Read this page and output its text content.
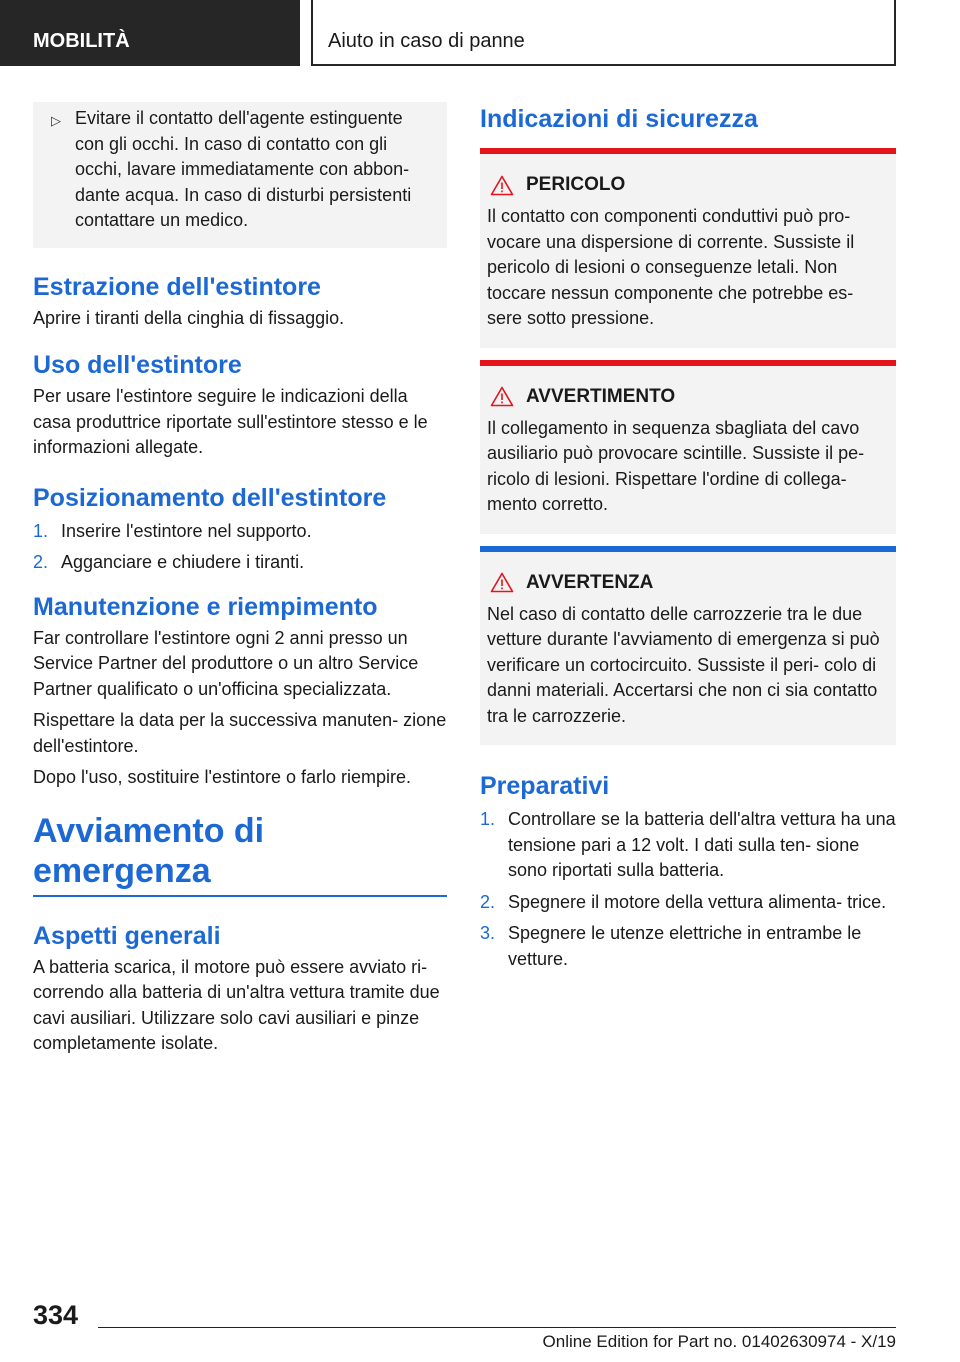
MOBILITÀ	Aiuto in caso di panne
▷ Evitare il contatto dell'agente estinguente con gli occhi. In caso di contatto con gli occhi, lavare immediatamente con abbon- dante acqua. In caso di disturbi persistenti contattare un medico.
Estrazione dell'estintore

Aprire i tiranti della cinghia di fissaggio.

Uso dell'estintore

Per usare l'estintore seguire le indicazioni della casa produttrice riportate sull'estintore stesso e le informazioni allegate.

Posizionamento dell'estintore
1. Inserire l'estintore nel supporto.
2. Agganciare e chiudere i tiranti.
Manutenzione e riempimento

Far controllare l'estintore ogni 2 anni presso un Service Partner del produttore o un altro Service Partner qualificato o un'officina specializzata.

Rispettare la data per la successiva manuten- zione dell'estintore.

Dopo l'uso, sostituire l'estintore o farlo riempire.

Avviamento di emergenza
Aspetti generali

A batteria scarica, il motore può essere avviato ri- correndo alla batteria di un'altra vettura tramite due cavi ausiliari. Utilizzare solo cavi ausiliari e pinze completamente isolate.

Indicazioni di sicurezza
PERICOLO

Il contatto con componenti conduttivi può pro- vocare una dispersione di corrente. Sussiste il pericolo di lesioni o conseguenze letali. Non toccare nessun componente che potrebbe es- sere sotto pressione.

AVVERTIMENTO

Il collegamento in sequenza sbagliata del cavo ausiliario può provocare scintille. Sussiste il pe- ricolo di lesioni. Rispettare l'ordine di collega- mento corretto.

AVVERTENZA

Nel caso di contatto delle carrozzerie tra le due vetture durante l'avviamento di emergenza si può verificare un cortocircuito. Sussiste il peri- colo di danni materiali. Accertarsi che non ci sia contatto tra le carrozzerie.

Preparativi
1. Controllare se la batteria dell'altra vettura ha una tensione pari a 12 volt. I dati sulla ten- sione sono riportati sulla batteria.
2. Spegnere il motore della vettura alimenta- trice.
3. Spegnere le utenze elettriche in entrambe le vetture.
334
Online Edition for Part no. 01402630974 - X/19
